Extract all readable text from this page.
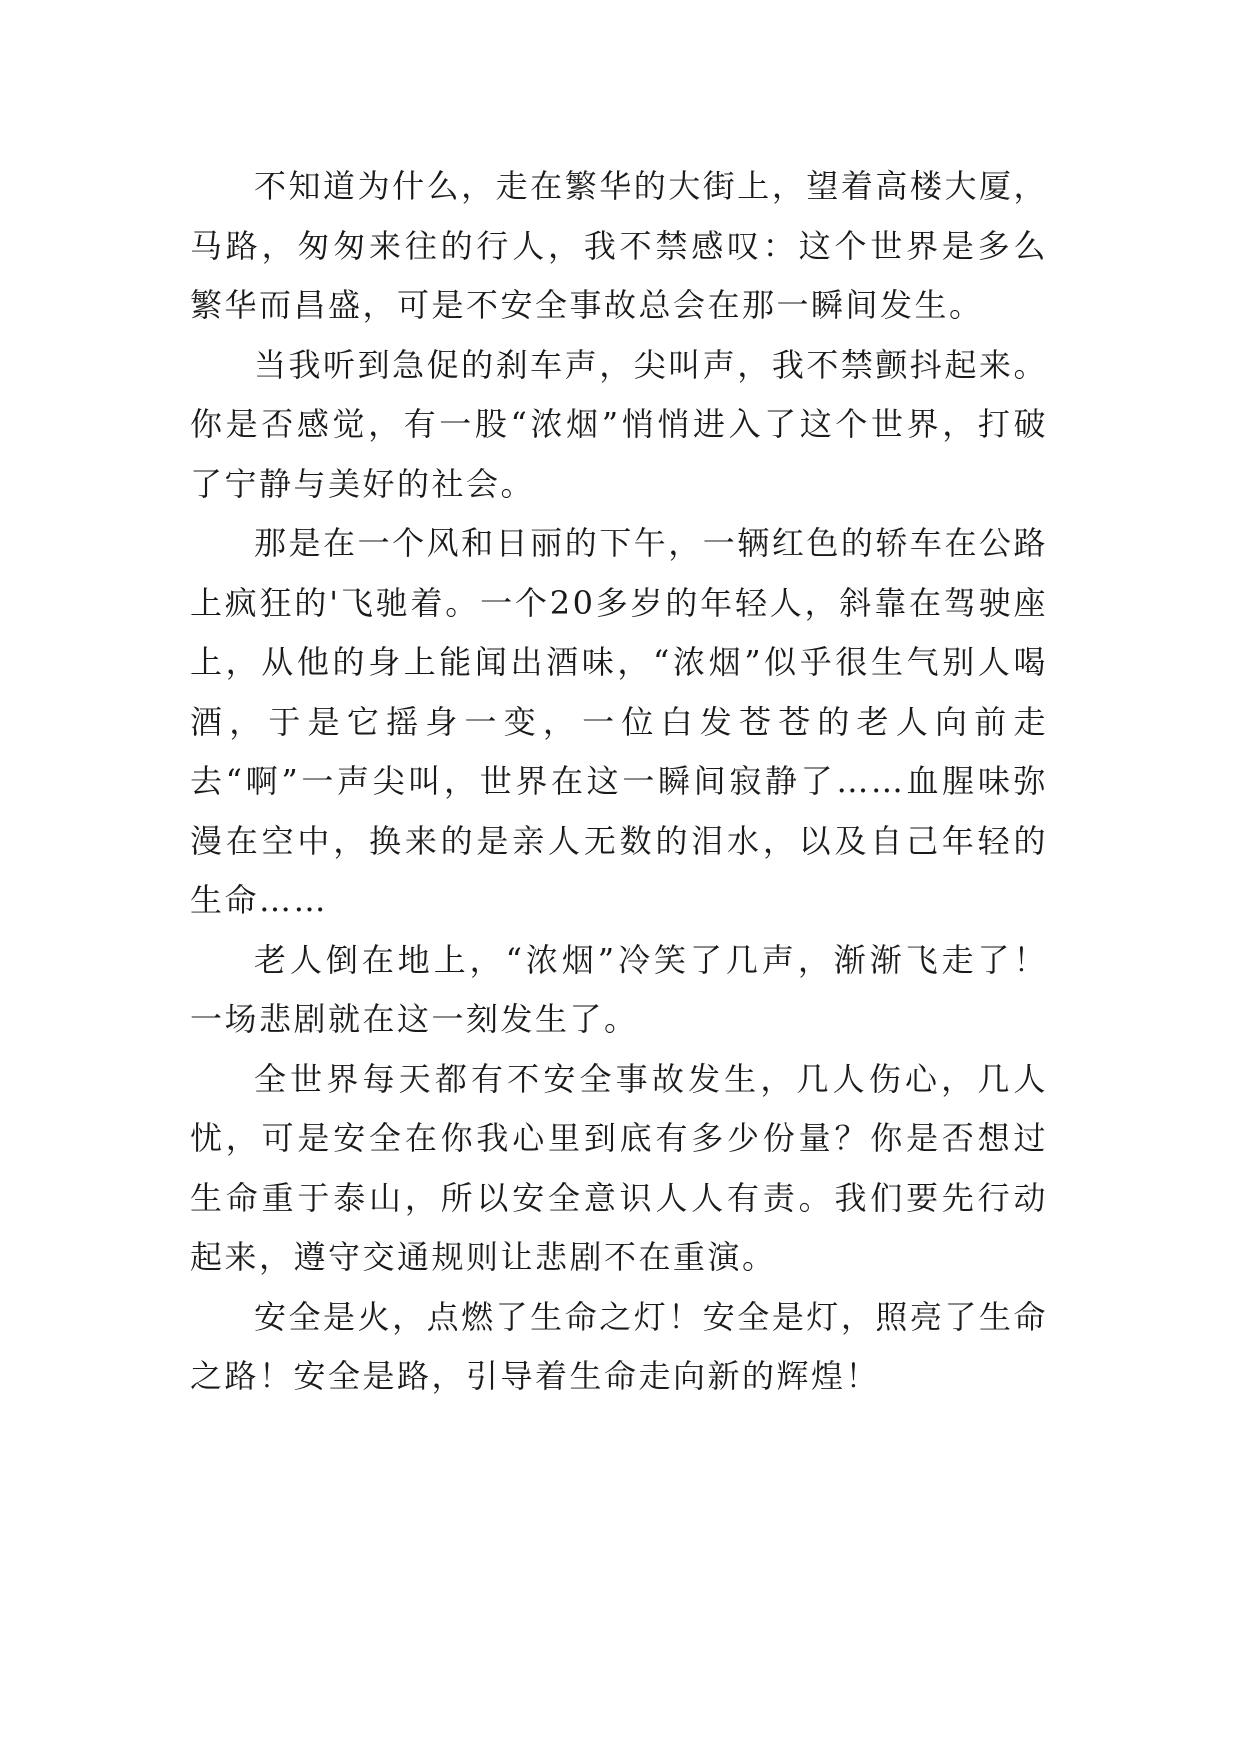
不知道为什么，走在繁华的大街上，望着高楼大厦，马路，匆匆来往的行人，我不禁感叹：这个世界是多么繁华而昌盛，可是不安全事故总会在那一瞬间发生。

当我听到急促的刹车声，尖叫声，我不禁颤抖起来。你是否感觉，有一股“浓烟”悄悄进入了这个世界，打破了宁静与美好的社会。

那是在一个风和日丽的下午，一辆红色的轿车在公路上疯狂的'飞驰着。一个20多岁的年轻人，斜靠在驾驶座上，从他的身上能闻出酒味，“浓烟”似乎很生气别人喝酒，于是它摇身一变，一位白发苍苍的老人向前走去“啊”一声尖叫，世界在这一瞬间寂静了……血腥味弥漫在空中，换来的是亲人无数的泪水，以及自己年轻的生命……

老人倒在地上，“浓烟”冷笑了几声，渐渐飞走了！一场悲剧就在这一刻发生了。

全世界每天都有不安全事故发生，几人伤心，几人忧，可是安全在你我心里到底有多少份量？你是否想过生命重于泰山，所以安全意识人人有责。我们要先行动起来，遵守交通规则让悲剧不在重演。

安全是火，点燃了生命之灯！安全是灯，照亮了生命之路！安全是路，引导着生命走向新的辉煌！
